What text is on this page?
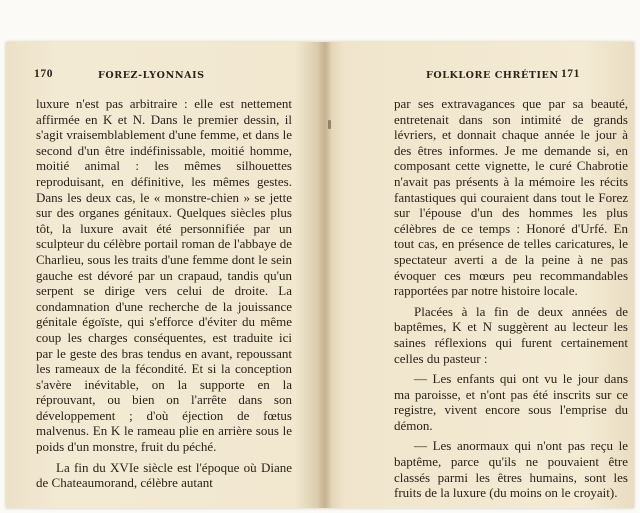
170	FOREZ-LYONNAIS

luxure n'est pas arbitraire : elle est nettement affirmée en K et N. Dans le premier dessin, il s'agit vraisemblablement d'une femme, et dans le second d'un être indéfinissable, moitié homme, moitié animal : les mêmes silhouettes reproduisant, en définitive, les mêmes gestes. Dans les deux cas, le « monstre-chien » se jette sur des organes génitaux. Quelques siècles plus tôt, la luxure avait été personnifiée par un sculpteur du célèbre portail roman de l'abbaye de Charlieu, sous les traits d'une femme dont le sein gauche est dévoré par un crapaud, tandis qu'un serpent se dirige vers celui de droite. La condamnation d'une recherche de la jouissance génitale égoïste, qui s'efforce d'éviter du même coup les charges conséquentes, est traduite ici par le geste des bras tendus en avant, repoussant les rameaux de la fécondité. Et si la conception s'avère inévitable, on la supporte en la réprouvant, ou bien on l'arrête dans son développement ; d'où éjection de fœtus malvenus. En K le rameau plie en arrière sous le poids d'un monstre, fruit du péché.

La fin du XVIe siècle est l'époque où Diane de Chateaumorand, célèbre autant

FOLKLORE CHRÉTIEN 171

par ses extravagances que par sa beauté, entretenait dans son intimité de grands lévriers, et donnait chaque année le jour à des êtres informes. Je me demande si, en composant cette vignette, le curé Chabrotie n'avait pas présents à la mémoire les récits fantastiques qui couraient dans tout le Forez sur l'épouse d'un des hommes les plus célèbres de ce temps : Honoré d'Urfé. En tout cas, en présence de telles caricatures, le spectateur averti a de la peine à ne pas évoquer ces mœurs peu recommandables rapportées par notre histoire locale.

Placées à la fin de deux années de baptêmes, K et N suggèrent au lecteur les saines réflexions qui furent certainement celles du pasteur :

— Les enfants qui ont vu le jour dans ma paroisse, et n'ont pas été inscrits sur ce registre, vivent encore sous l'emprise du démon.

— Les anormaux qui n'ont pas reçu le baptême, parce qu'ils ne pouvaient être classés parmi les êtres humains, sont les fruits de la luxure (du moins on le croyait).
